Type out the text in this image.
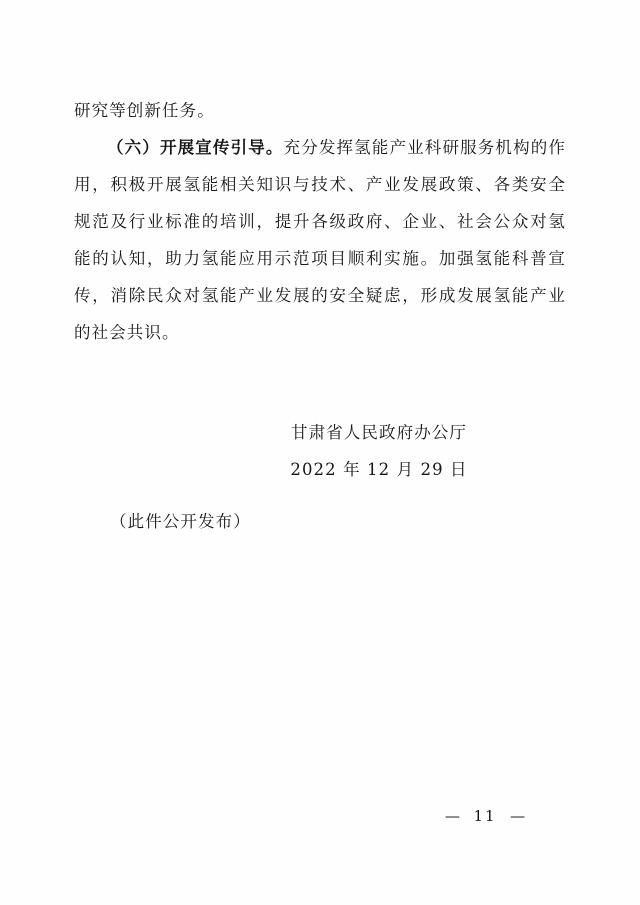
研究等创新任务。

（六）开展宣传引导。充分发挥氢能产业科研服务机构的作用，积极开展氢能相关知识与技术、产业发展政策、各类安全规范及行业标准的培训，提升各级政府、企业、社会公众对氢能的认知，助力氢能应用示范项目顺利实施。加强氢能科普宣传，消除民众对氢能产业发展的安全疑虑，形成发展氢能产业的社会共识。

甘肃省人民政府办公厅
2022 年 12 月 29 日
（此件公开发布）
— 11 —
